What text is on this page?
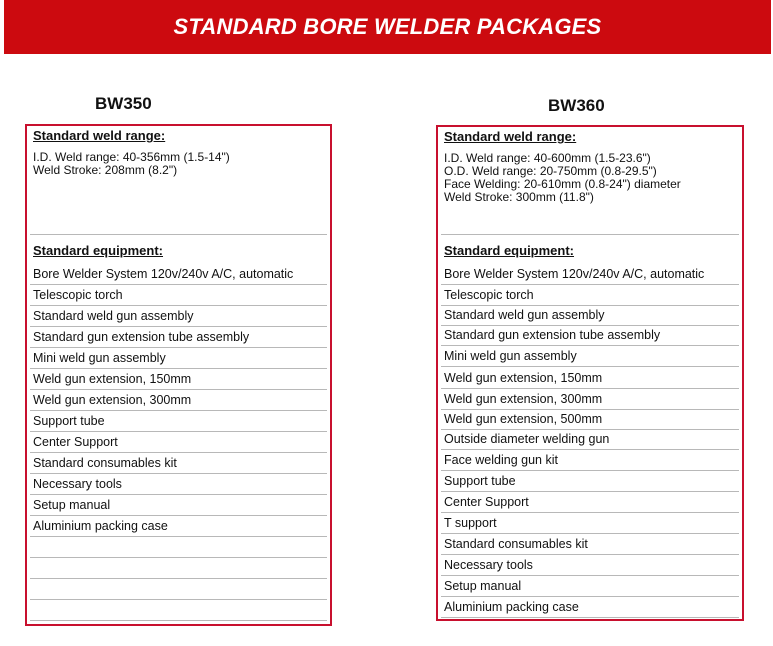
STANDARD BORE WELDER PACKAGES
BW350	BW360
Standard weld range:
I.D. Weld range: 40-356mm (1.5-14")
Weld Stroke: 208mm (8.2")
Standard equipment:
Bore Welder System 120v/240v A/C, automatic
Telescopic torch
Standard weld gun assembly
Standard gun extension tube assembly
Mini weld gun assembly
Weld gun extension, 150mm
Weld gun extension, 300mm
Support tube
Center Support
Standard consumables kit
Necessary tools
Setup manual
Aluminium packing case
Standard weld range:
I.D. Weld range: 40-600mm (1.5-23.6")
O.D. Weld range: 20-750mm (0.8-29.5")
Face Welding: 20-610mm (0.8-24") diameter
Weld Stroke: 300mm (11.8")
Standard equipment:
Bore Welder System 120v/240v A/C, automatic
Telescopic torch
Standard weld gun assembly
Standard gun extension tube assembly
Mini weld gun assembly
Weld gun extension, 150mm
Weld gun extension, 300mm
Weld gun extension, 500mm
Outside diameter welding gun
Face welding gun kit
Support tube
Center Support
T support
Standard consumables kit
Necessary tools
Setup manual
Aluminium packing case
